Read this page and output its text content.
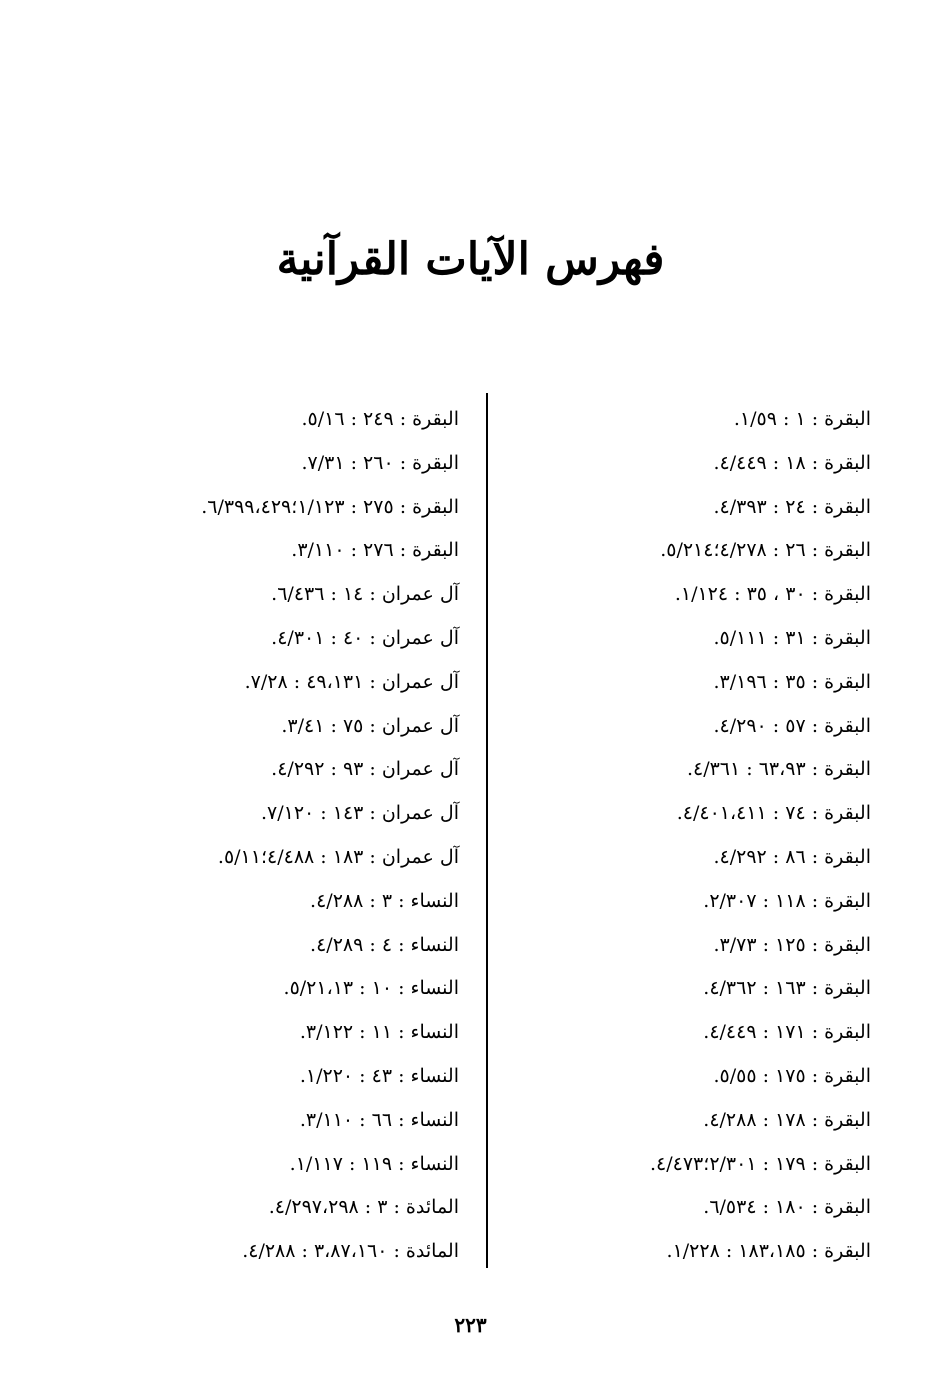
فهرس الآيات القرآنية
البقرة : ١ : ١/٥٩.
البقرة : ١٨ : ٤/٤٤٩.
البقرة : ٢٤ : ٤/٣٩٣.
البقرة : ٢٦ : ٤/٢٧٨؛٥/٢١٤.
البقرة : ٣٠ ، ٣٥ : ١/١٢٤.
البقرة : ٣١ : ٥/١١١.
البقرة : ٣٥ : ٣/١٩٦.
البقرة : ٥٧ : ٤/٢٩٠.
البقرة : ٦٣،٩٣ : ٤/٣٦١.
البقرة : ٧٤ : ٤/٤٠١،٤١١.
البقرة : ٨٦ : ٤/٢٩٢.
البقرة : ١١٨ : ٢/٣٠٧.
البقرة : ١٢٥ : ٣/٧٣.
البقرة : ١٦٣ : ٤/٣٦٢.
البقرة : ١٧١ : ٤/٤٤٩.
البقرة : ١٧٥ : ٥/٥٥.
البقرة : ١٧٨ : ٤/٢٨٨.
البقرة : ١٧٩ : ٢/٣٠١؛٤/٤٧٣.
البقرة : ١٨٠ : ٦/٥٣٤.
البقرة : ١٨٣،١٨٥ : ١/٢٢٨.
البقرة : ٢٤٩ : ٥/١٦.
البقرة : ٢٦٠ : ٧/٣١.
البقرة : ٢٧٥ : ١/١٢٣؛٦/٣٩٩،٤٢٩.
البقرة : ٢٧٦ : ٣/١١٠.
آل عمران : ١٤ : ٦/٤٣٦.
آل عمران : ٤٠ : ٤/٣٠١.
آل عمران : ٤٩،١٣١ : ٧/٢٨.
آل عمران : ٧٥ : ٣/٤١.
آل عمران : ٩٣ : ٤/٢٩٢.
آل عمران : ١٤٣ : ٧/١٢٠.
آل عمران : ١٨٣ : ٤/٤٨٨؛٥/١١.
النساء : ٣ : ٤/٢٨٨.
النساء : ٤ : ٤/٢٨٩.
النساء : ١٠ : ٥/٢١،١٣.
النساء : ١١ : ٣/١٢٢.
النساء : ٤٣ : ١/٢٢٠.
النساء : ٦٦ : ٣/١١٠.
النساء : ١١٩ : ١/١١٧.
المائدة : ٣ : ٤/٢٩٧،٢٩٨.
المائدة : ٣،٨٧،١٦٠ : ٤/٢٨٨.
٢٢٣
